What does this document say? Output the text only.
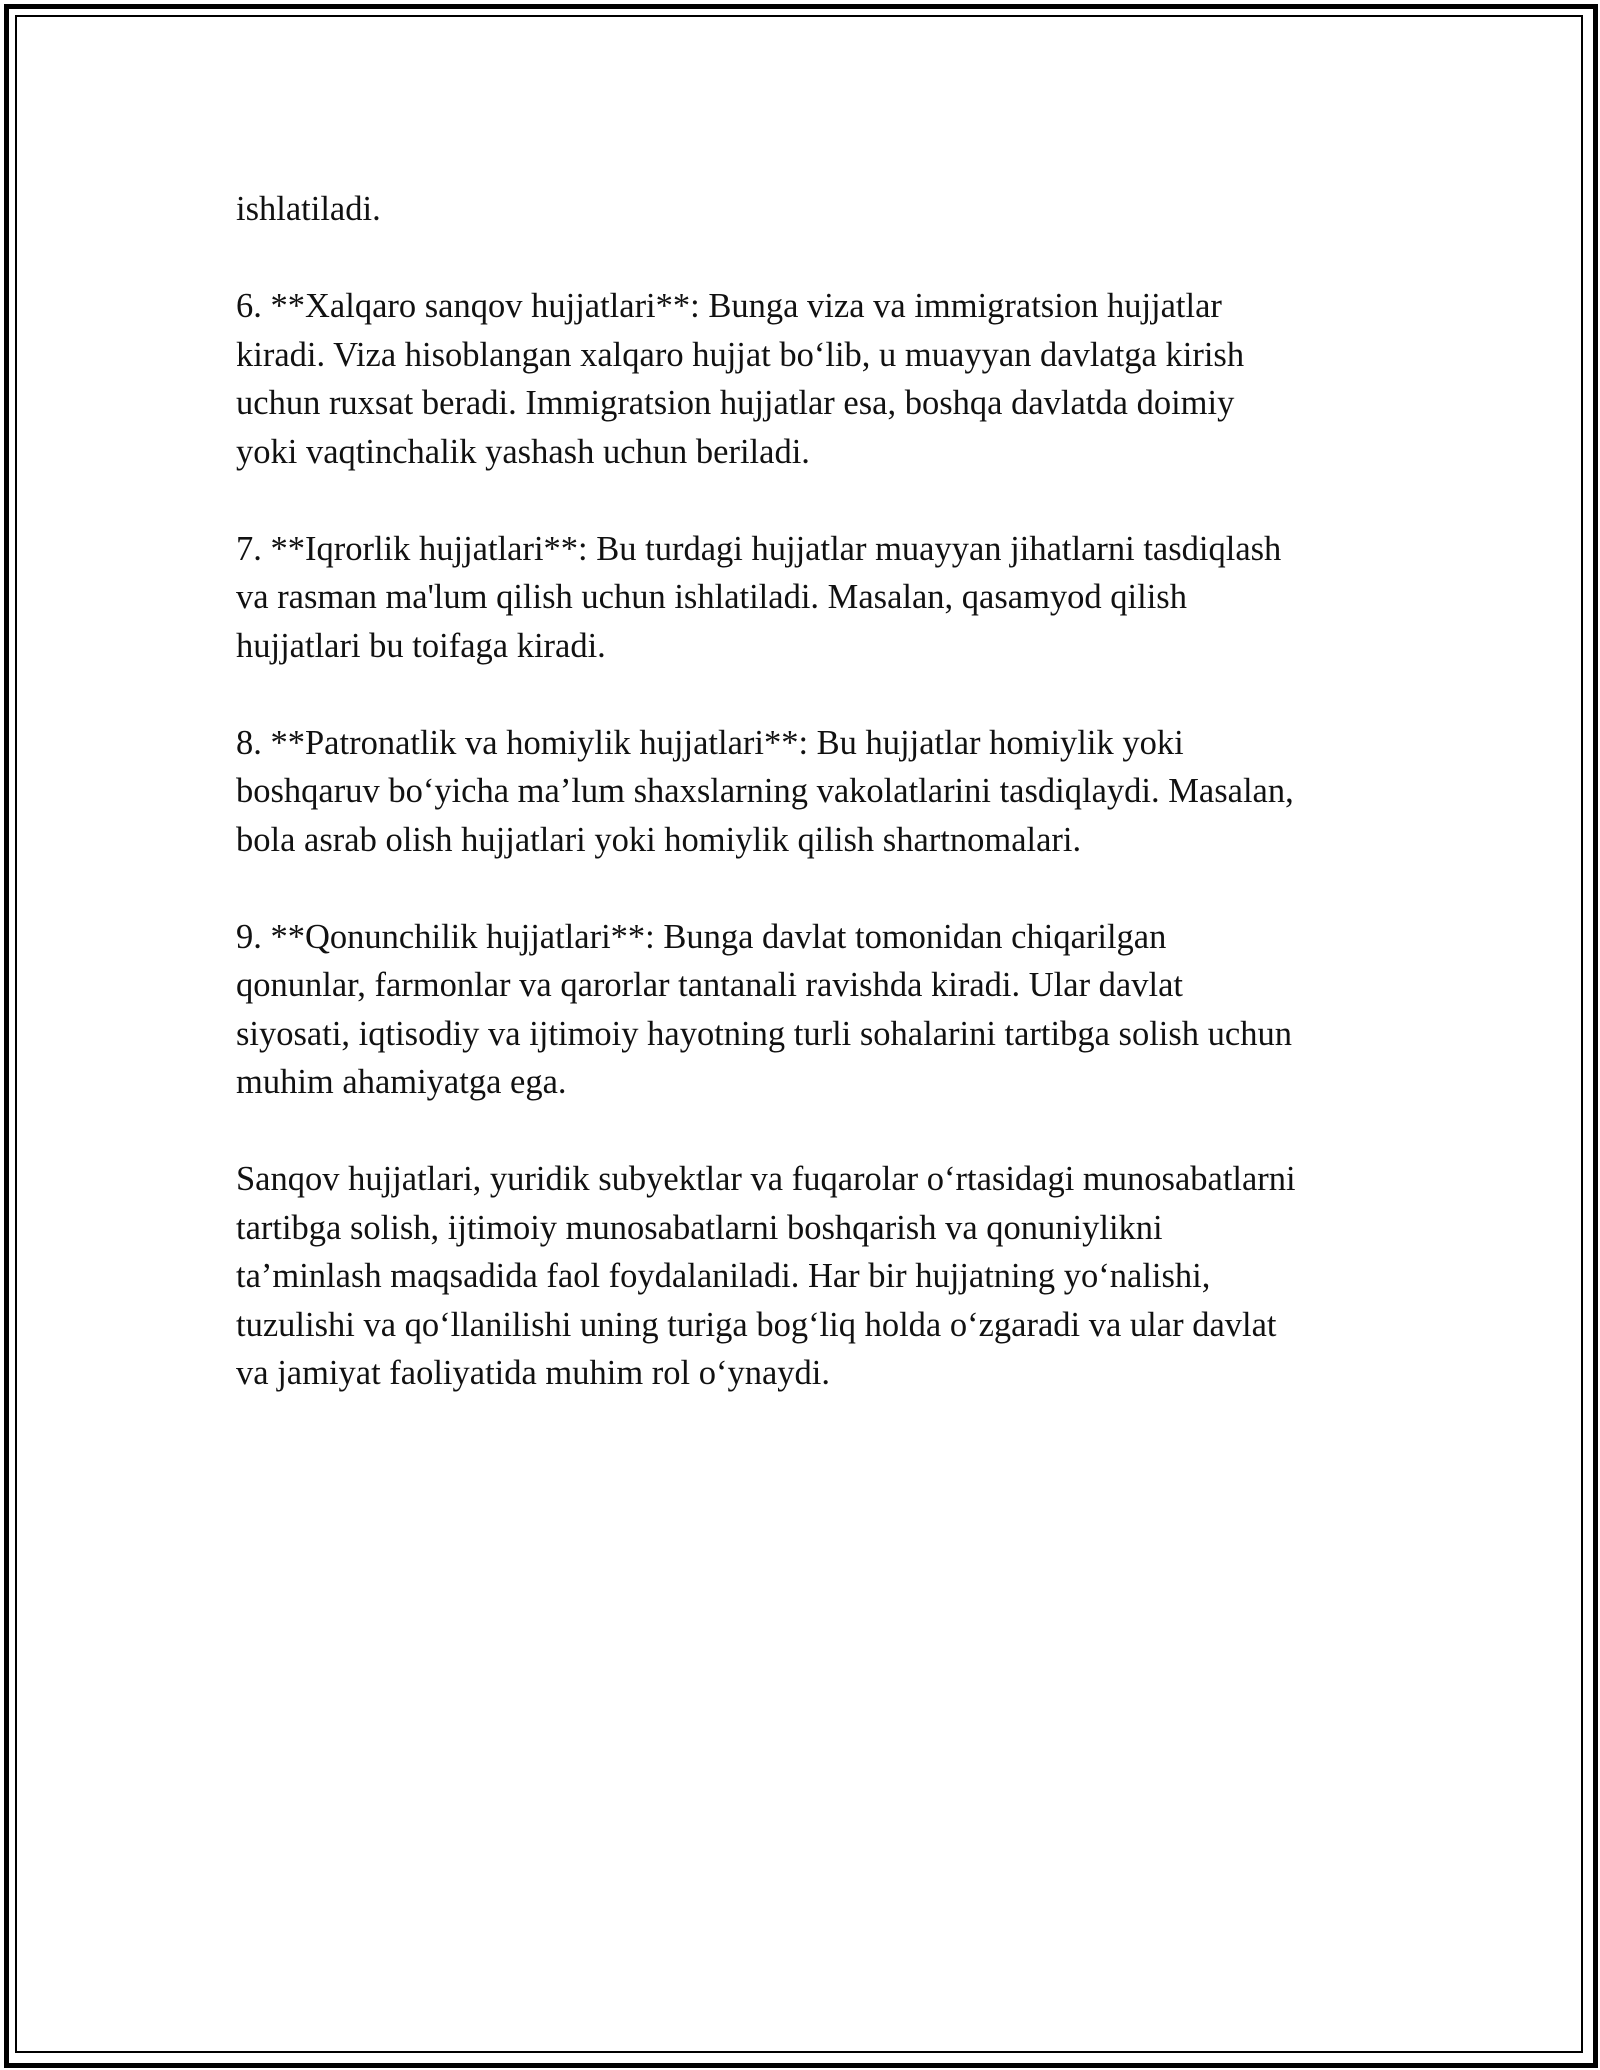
ishlatiladi.

6. **Xalqaro sanqov hujjatlari**: Bunga viza va immigratsion hujjatlar
kiradi. Viza hisoblangan xalqaro hujjat bo‘lib, u muayyan davlatga kirish
uchun ruxsat beradi. Immigratsion hujjatlar esa, boshqa davlatda doimiy
yoki vaqtinchalik yashash uchun beriladi.

7. **Iqrorlik hujjatlari**: Bu turdagi hujjatlar muayyan jihatlarni tasdiqlash
va rasman ma'lum qilish uchun ishlatiladi. Masalan, qasamyod qilish
hujjatlari bu toifaga kiradi.

8. **Patronatlik va homiylik hujjatlari**: Bu hujjatlar homiylik yoki
boshqaruv bo‘yicha ma’lum shaxslarning vakolatlarini tasdiqlaydi. Masalan,
bola asrab olish hujjatlari yoki homiylik qilish shartnomalari.

9. **Qonunchilik hujjatlari**: Bunga davlat tomonidan chiqarilgan
qonunlar, farmonlar va qarorlar tantanali ravishda kiradi. Ular davlat
siyosati, iqtisodiy va ijtimoiy hayotning turli sohalarini tartibga solish uchun
muhim ahamiyatga ega.

Sanqov hujjatlari, yuridik subyektlar va fuqarolar o‘rtasidagi munosabatlarni
tartibga solish, ijtimoiy munosabatlarni boshqarish va qonuniylikni
ta’minlash maqsadida faol foydalaniladi. Har bir hujjatning yo‘nalishi,
tuzulishi va qo‘llanilishi uning turiga bog‘liq holda o‘zgaradi va ular davlat
va jamiyat faoliyatida muhim rol o‘ynaydi.
